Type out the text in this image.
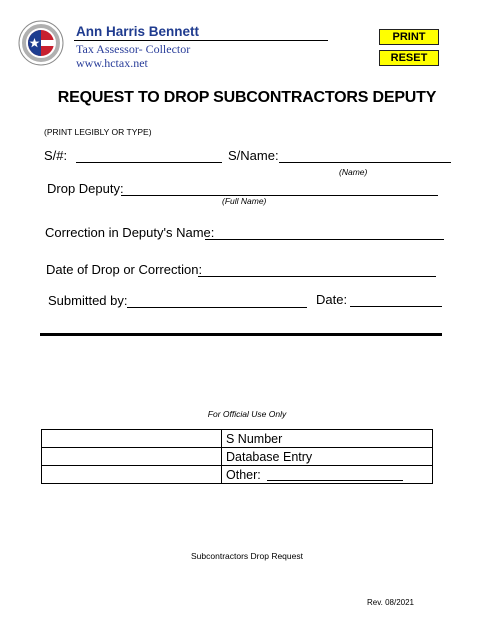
Ann Harris Bennett
Tax Assessor- Collector
www.hctax.net
PRINT
RESET
REQUEST TO DROP SUBCONTRACTORS DEPUTY
(PRINT LEGIBLY OR TYPE)
S/#:	S/Name:
(Name)
Drop Deputy:
(Full Name)
Correction in Deputy's Name:
Date of Drop or Correction:
Submitted by:	Date:
For Official Use Only
	S Number
	Database Entry
	Other:
Subcontractors Drop Request
Rev. 08/2021
